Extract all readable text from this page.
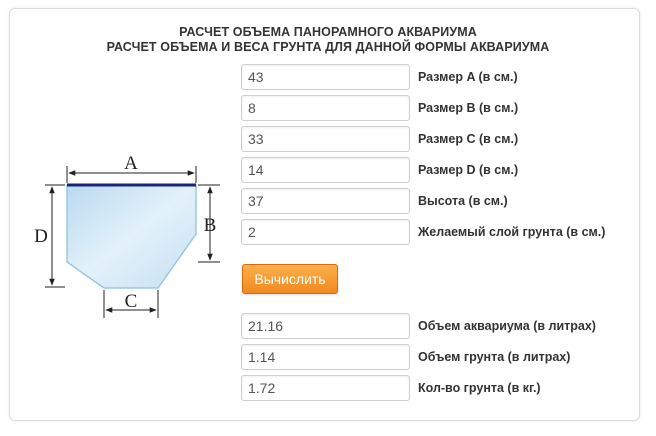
РАСЧЕТ ОБЪЕМА ПАНОРАМНОГО АКВАРИУМА
РАСЧЕТ ОБЪЕМА И ВЕСА ГРУНТА ДЛЯ ДАННОЙ ФОРМЫ АКВАРИУМА
A
B
C
D
43
Размер A (в см.)
8
Размер B (в см.)
33
Размер C (в см.)
14
Размер D (в см.)
37
Высота (в см.)
2
Желаемый слой грунта (в см.)
Вычислить
21.16
Объем аквариума (в литрах)
1.14
Объем грунта (в литрах)
1.72
Кол-во грунта (в кг.)
